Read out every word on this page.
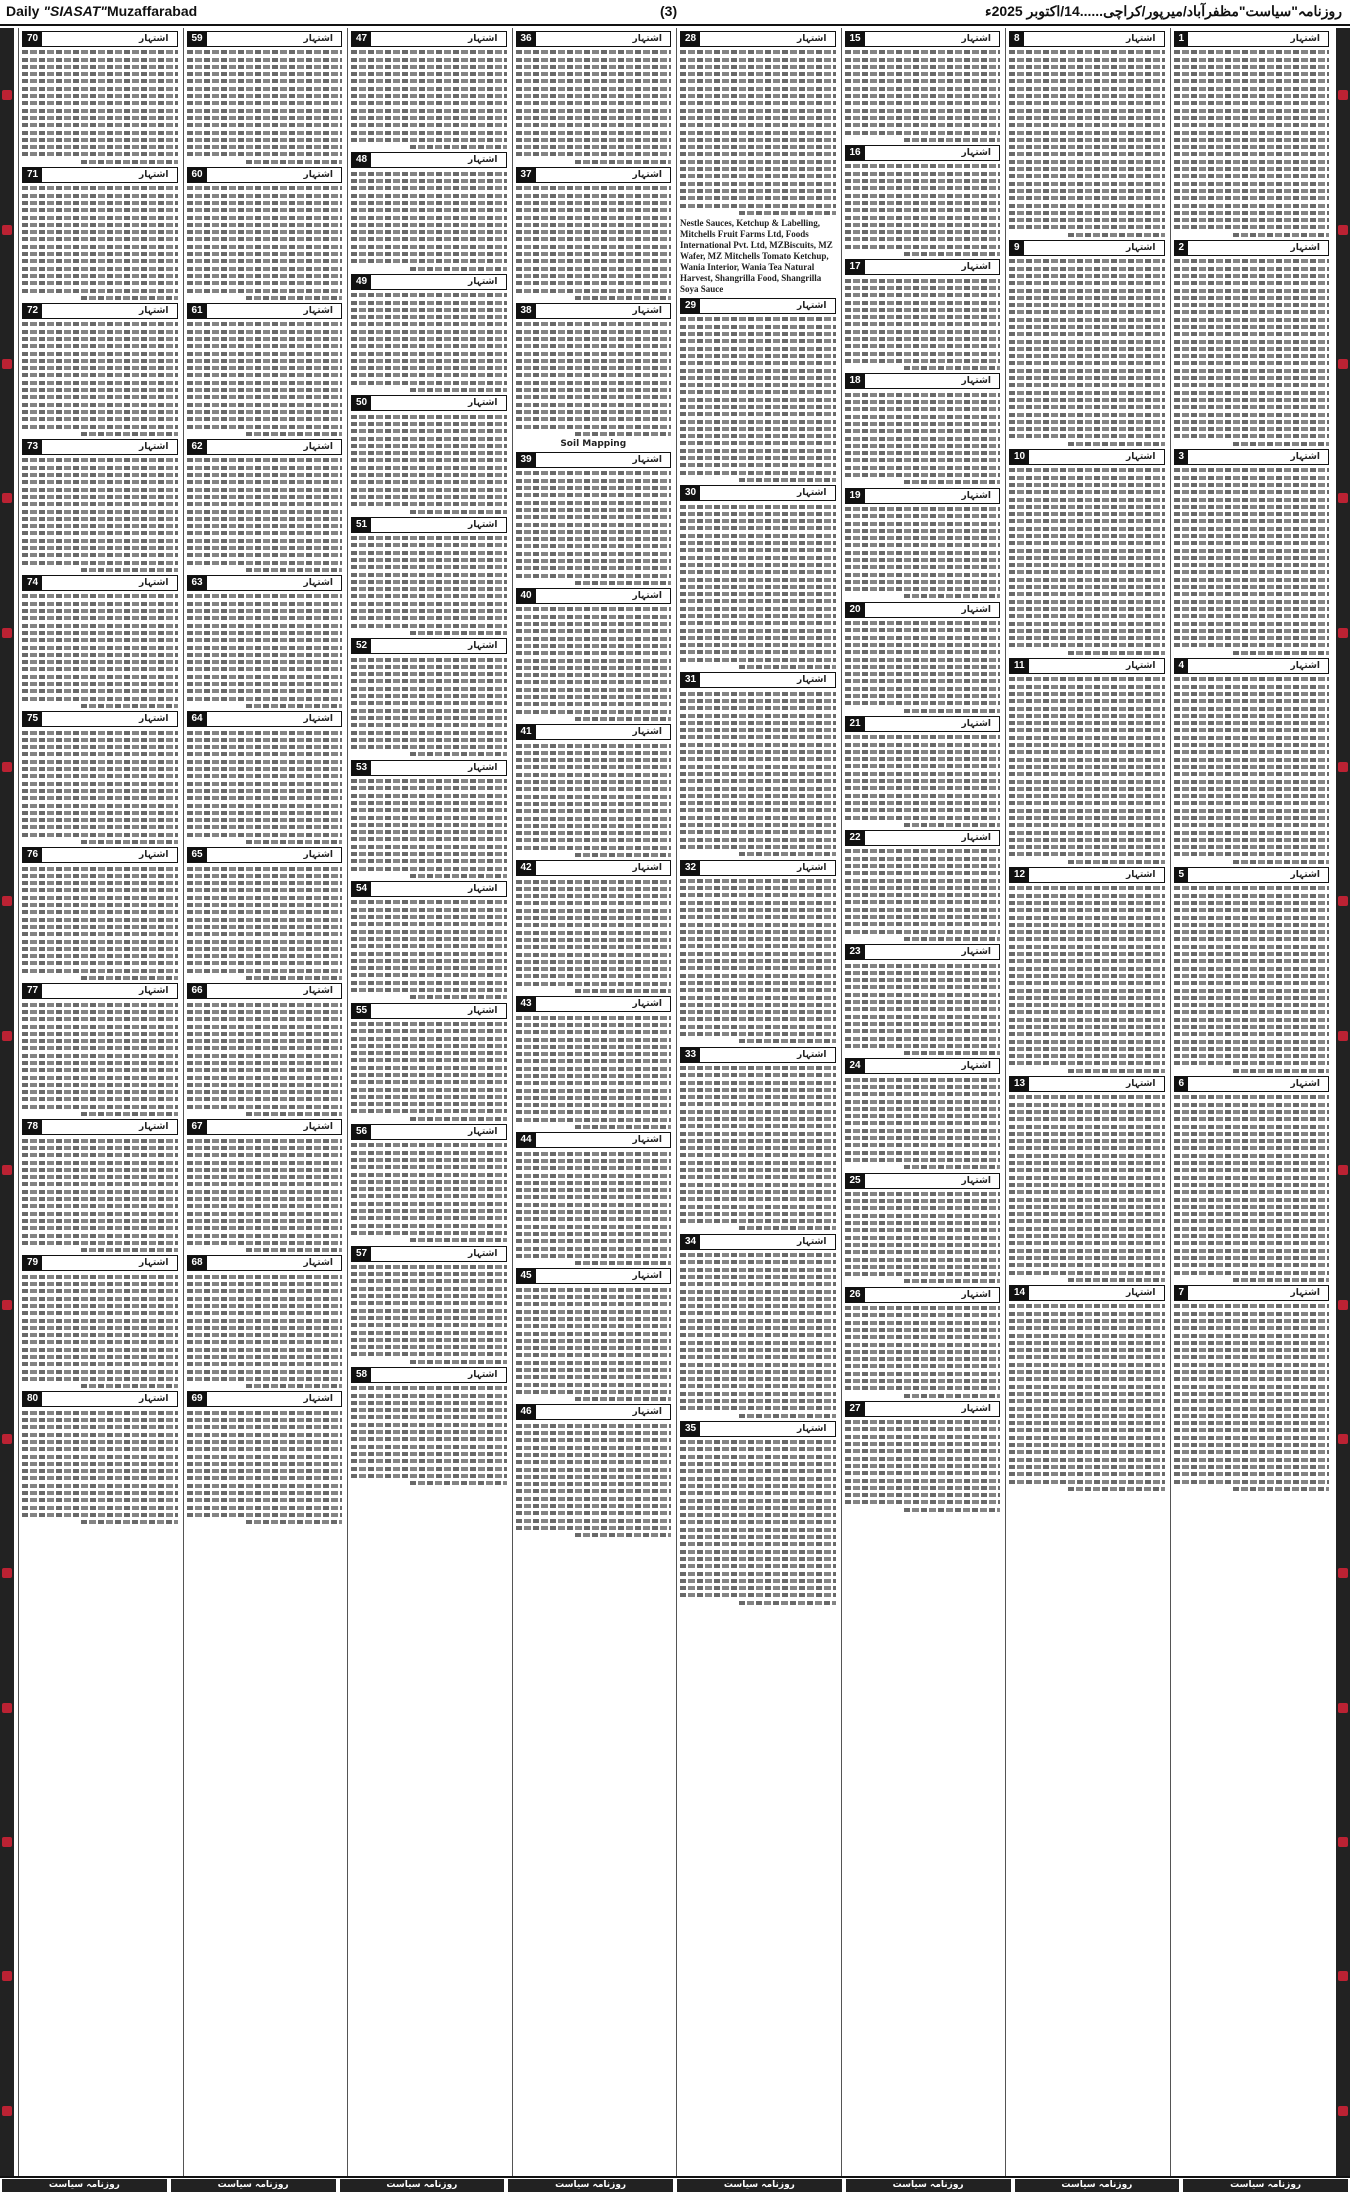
Daily "SIASAT"Muzaffarabad	(3)	روزنامہ"سیاست"مظفرآباد/میرپور/کراچی......14/اکتوبر 2025ء
1	اشتہار
2	اشتہار
3	اشتہار
4	اشتہار
5	اشتہار
6	اشتہار
7	اشتہار
8	اشتہار
9	اشتہار
10	اشتہار
11	اشتہار
12	اشتہار
13	اشتہار
14	اشتہار
15	اشتہار
16	اشتہار
17	اشتہار
18	اشتہار
19	اشتہار
20	اشتہار
21	اشتہار
22	اشتہار
23	اشتہار
24	اشتہار
25	اشتہار
26	اشتہار
27	اشتہار
28	اشتہار
Nestle Sauces, Ketchup & Labelling, Mitchells Fruit Farms Ltd, Foods International Pvt. Ltd, MZBiscuits, MZ Wafer, MZ Mitchells Tomato Ketchup, Wania Interior, Wania Tea Natural Harvest, Shangrilla Food, Shangrilla Soya Sauce
29	اشتہار
30	اشتہار
31	اشتہار
32	اشتہار
33	اشتہار
34	اشتہار
35	اشتہار
36	اشتہار
37	اشتہار
38	اشتہار
Soil Mapping
39	اشتہار
40	اشتہار
41	اشتہار
42	اشتہار
43	اشتہار
44	اشتہار
45	اشتہار
46	اشتہار
47	اشتہار
48	اشتہار
49	اشتہار
50	اشتہار
51	اشتہار
52	اشتہار
53	اشتہار
54	اشتہار
55	اشتہار
56	اشتہار
57	اشتہار
58	اشتہار
59	اشتہار
60	اشتہار
61	اشتہار
62	اشتہار
63	اشتہار
64	اشتہار
65	اشتہار
66	اشتہار
67	اشتہار
68	اشتہار
69	اشتہار
70	اشتہار
71	اشتہار
72	اشتہار
73	اشتہار
74	اشتہار
75	اشتہار
76	اشتہار
77	اشتہار
78	اشتہار
79	اشتہار
80	اشتہار
روزنامہ سیاست
روزنامہ سیاست
روزنامہ سیاست
روزنامہ سیاست
روزنامہ سیاست
روزنامہ سیاست
روزنامہ سیاست
روزنامہ سیاست
